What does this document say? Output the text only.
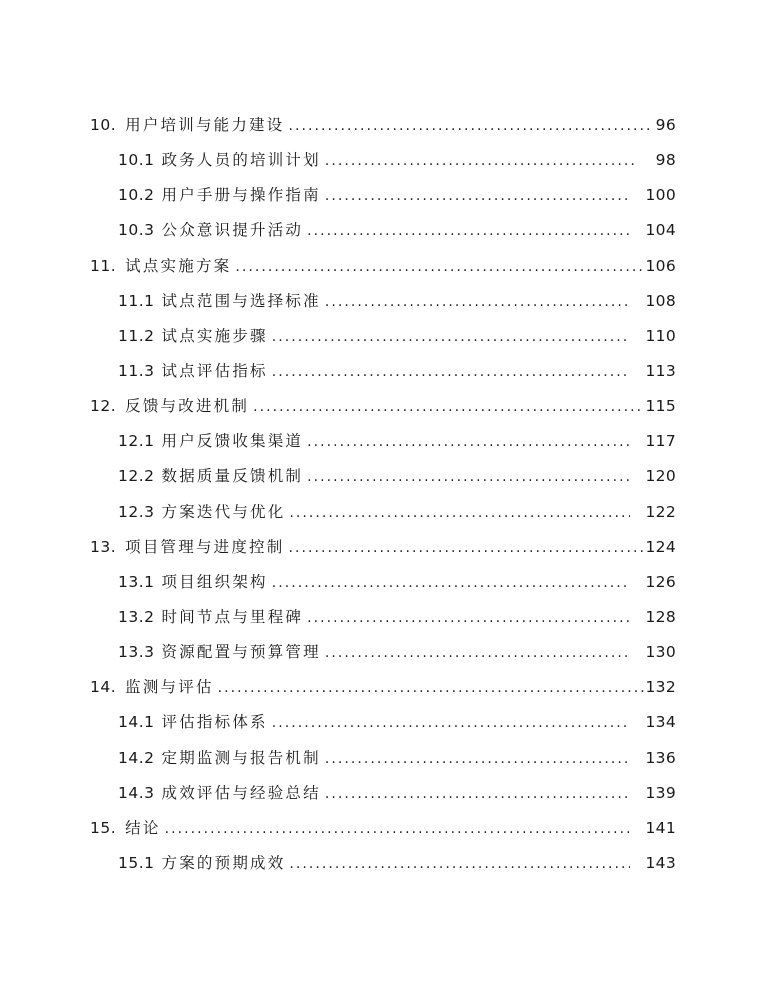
10. 用户培训与能力建设 . . .	96
10.1 政务人员的培训计划 . . .	98
10.2 用户手册与操作指南 . . .	100
10.3 公众意识提升活动 . . .	104
11. 试点实施方案 . . .	106
11.1 试点范围与选择标准 . . .	108
11.2 试点实施步骤 . . .	110
11.3 试点评估指标 . . .	113
12. 反馈与改进机制 . . .	115
12.1 用户反馈收集渠道 . . .	117
12.2 数据质量反馈机制 . . .	120
12.3 方案迭代与优化 . . .	122
13. 项目管理与进度控制 . . .	124
13.1 项目组织架构 . . .	126
13.2 时间节点与里程碑 . . .	128
13.3 资源配置与预算管理 . . .	130
14. 监测与评估 . . .	132
14.1 评估指标体系 . . .	134
14.2 定期监测与报告机制 . . .	136
14.3 成效评估与经验总结 . . .	139
15. 结论 . . .	141
15.1 方案的预期成效 . . .	143
